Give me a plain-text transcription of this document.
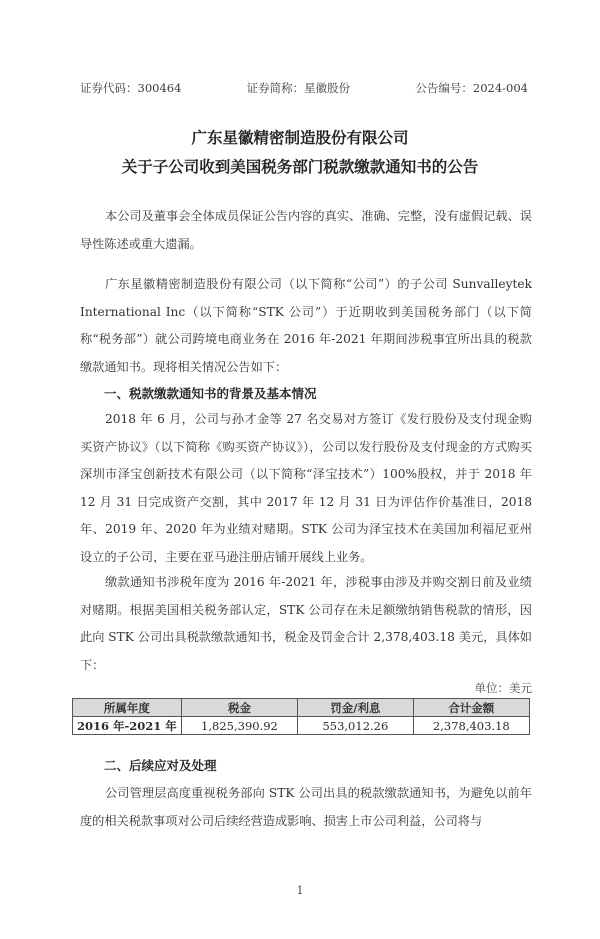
证券代码：300464	证券简称：星徽股份	公告编号：2024-004
广东星徽精密制造股份有限公司
关于子公司收到美国税务部门税款缴款通知书的公告
本公司及董事会全体成员保证公告内容的真实、准确、完整，没有虚假记载、误导性陈述或重大遗漏。
广东星徽精密制造股份有限公司（以下简称“公司”）的子公司 Sunvalleytek International Inc（以下简称“STK 公司”）于近期收到美国税务部门（以下简称“税务部”）就公司跨境电商业务在 2016 年-2021 年期间涉税事宜所出具的税款缴款通知书。现将相关情况公告如下：
一、税款缴款通知书的背景及基本情况
2018 年 6 月，公司与孙才金等 27 名交易对方签订《发行股份及支付现金购买资产协议》（以下简称《购买资产协议》），公司以发行股份及支付现金的方式购买深圳市泽宝创新技术有限公司（以下简称“泽宝技术”）100%股权，并于 2018 年 12 月 31 日完成资产交割，其中 2017 年 12 月 31 日为评估作价基准日，2018 年、2019 年、2020 年为业绩对赌期。STK 公司为泽宝技术在美国加利福尼亚州设立的子公司，主要在亚马逊注册店铺开展线上业务。
缴款通知书涉税年度为 2016 年-2021 年，涉税事由涉及并购交割日前及业绩对赌期。根据美国相关税务部认定，STK 公司存在未足额缴纳销售税款的情形，因此向 STK 公司出具税款缴款通知书，税金及罚金合计 2,378,403.18 美元，具体如下：
单位：美元
所属年度	税金	罚金/利息	合计金额
2016 年-2021 年	1,825,390.92	553,012.26	2,378,403.18
二、后续应对及处理
公司管理层高度重视税务部向 STK 公司出具的税款缴款通知书，为避免以前年度的相关税款事项对公司后续经营造成影响、损害上市公司利益，公司将与
1
